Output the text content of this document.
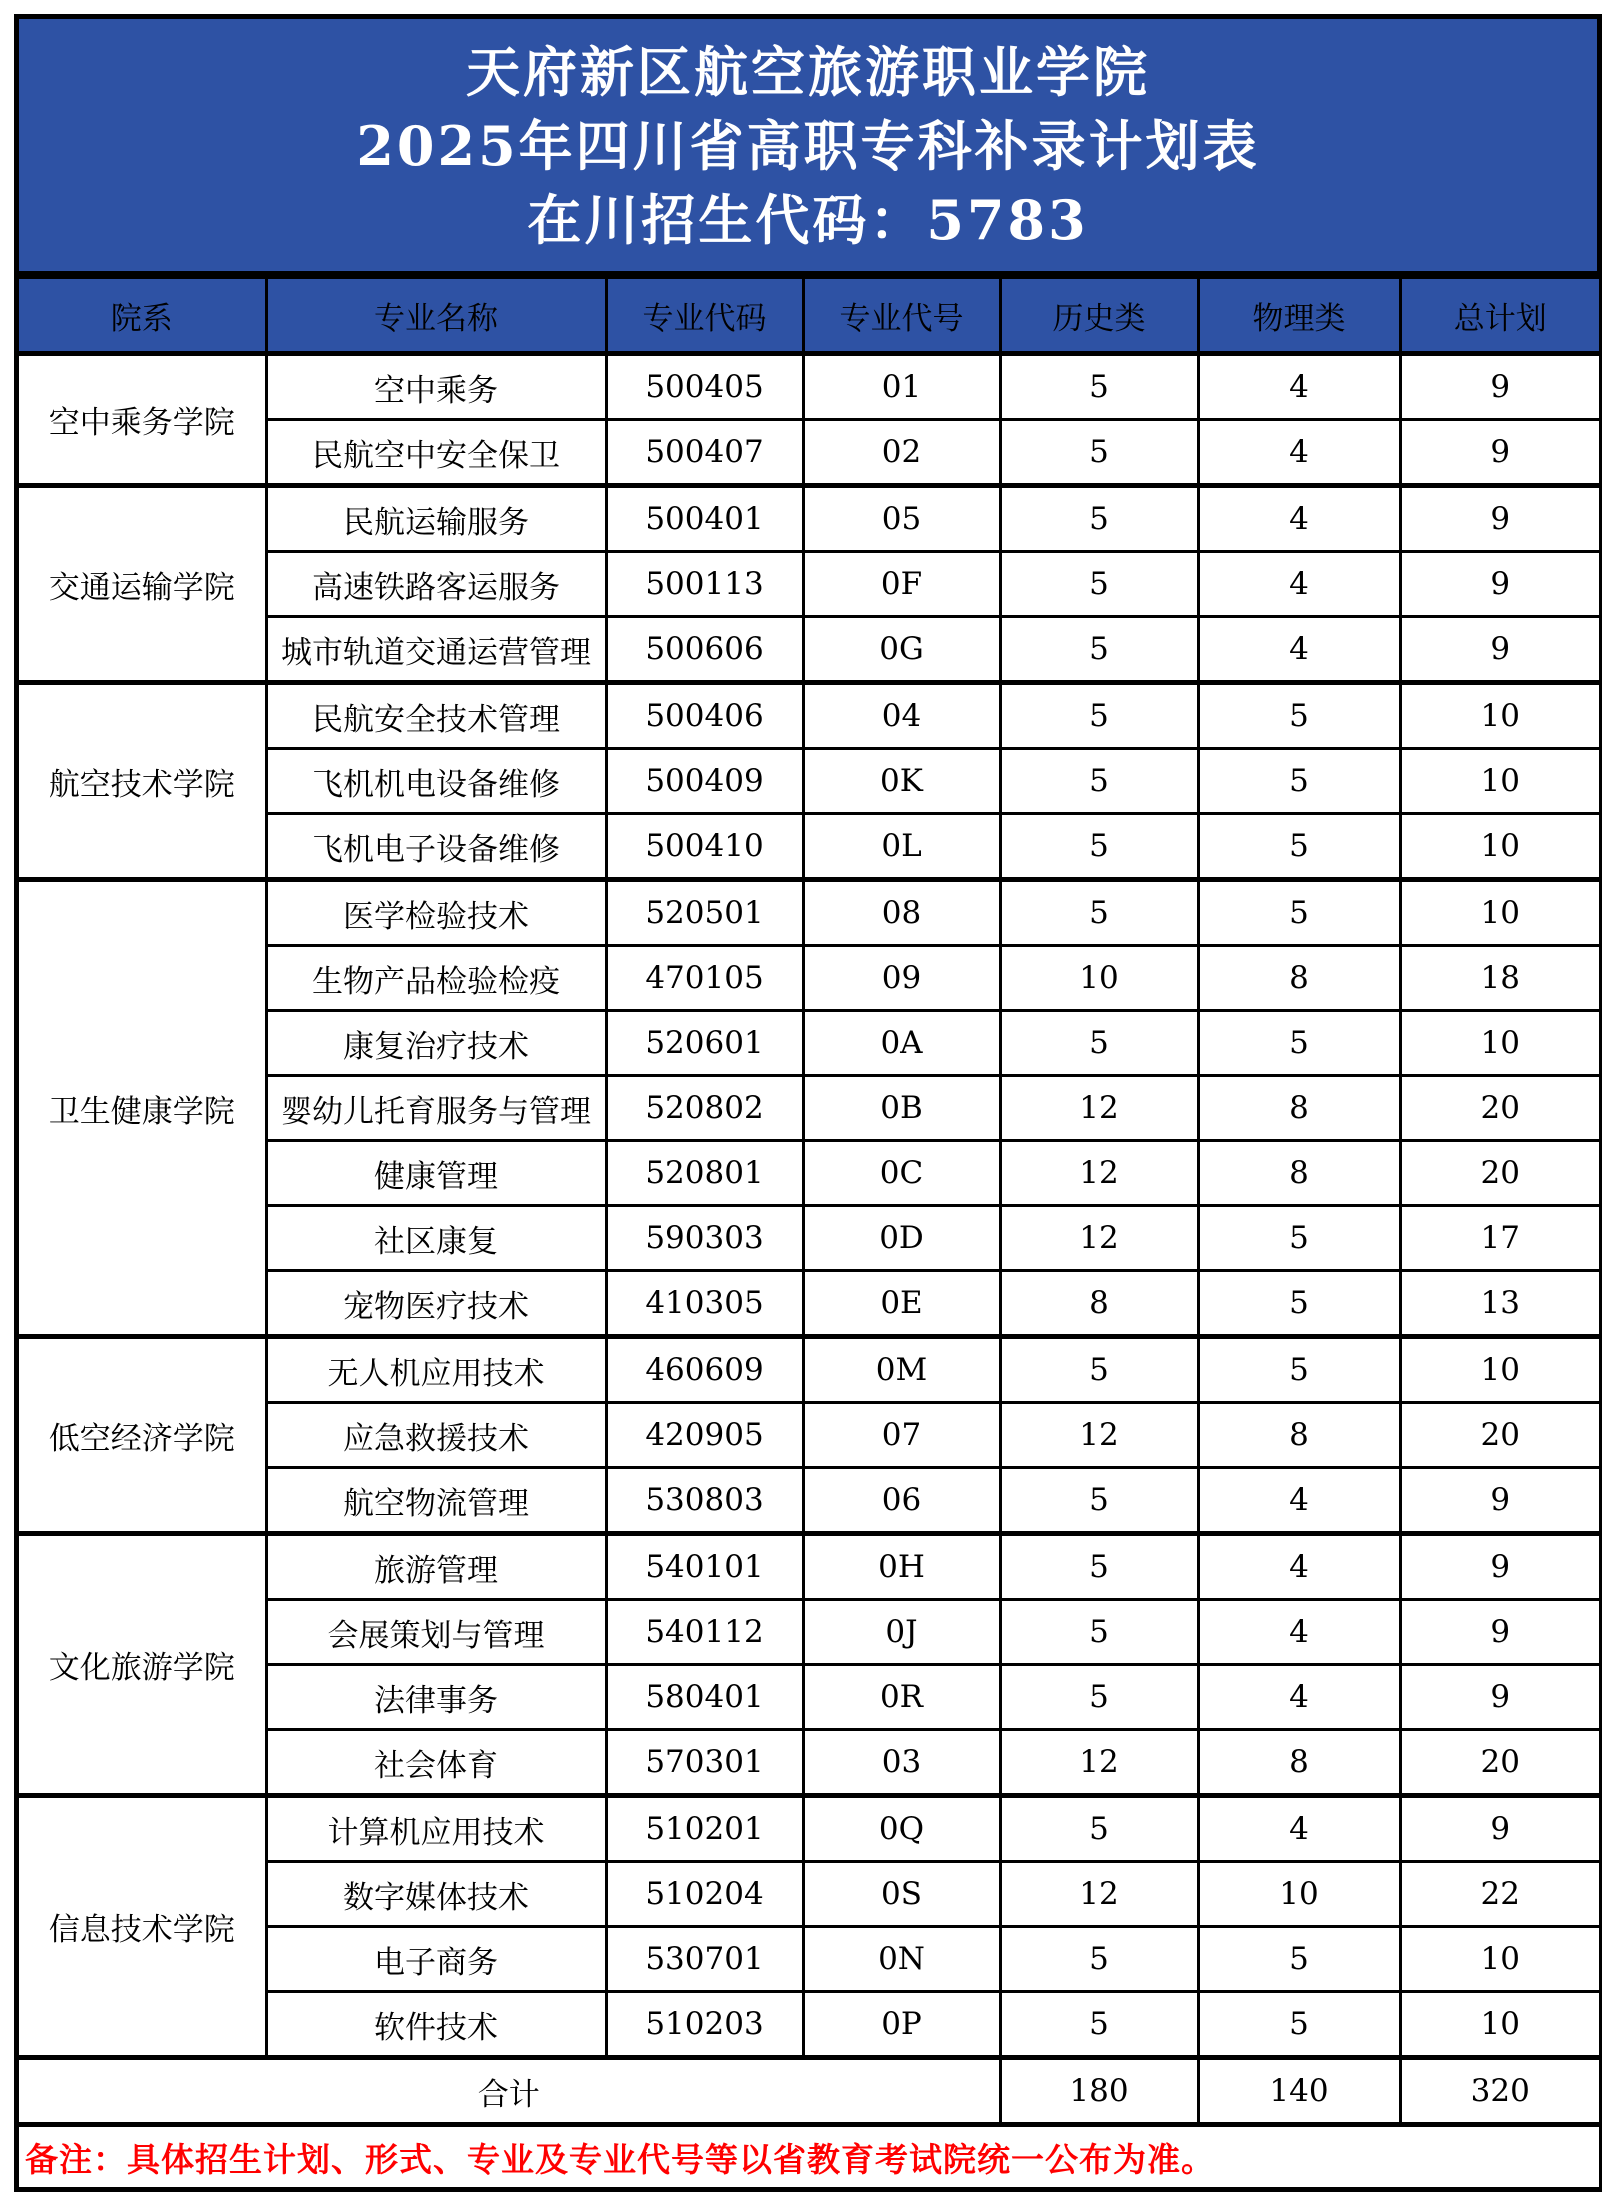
天府新区航空旅游职业学院
2025年四川省高职专科补录计划表
在川招生代码：5783
院系	专业名称	专业代码	专业代号	历史类	物理类	总计划
空中乘务学院	空中乘务	500405	01	5	4	9
	民航空中安全保卫	500407	02	5	4	9
交通运输学院	民航运输服务	500401	05	5	4	9
	高速铁路客运服务	500113	0F	5	4	9
	城市轨道交通运营管理	500606	0G	5	4	9
航空技术学院	民航安全技术管理	500406	04	5	5	10
	飞机机电设备维修	500409	0K	5	5	10
	飞机电子设备维修	500410	0L	5	5	10
卫生健康学院	医学检验技术	520501	08	5	5	10
	生物产品检验检疫	470105	09	10	8	18
	康复治疗技术	520601	0A	5	5	10
	婴幼儿托育服务与管理	520802	0B	12	8	20
	健康管理	520801	0C	12	8	20
	社区康复	590303	0D	12	5	17
	宠物医疗技术	410305	0E	8	5	13
低空经济学院	无人机应用技术	460609	0M	5	5	10
	应急救援技术	420905	07	12	8	20
	航空物流管理	530803	06	5	4	9
文化旅游学院	旅游管理	540101	0H	5	4	9
	会展策划与管理	540112	0J	5	4	9
	法律事务	580401	0R	5	4	9
	社会体育	570301	03	12	8	20
信息技术学院	计算机应用技术	510201	0Q	5	4	9
	数字媒体技术	510204	0S	12	10	22
	电子商务	530701	0N	5	5	10
	软件技术	510203	0P	5	5	10
合计				180	140	320
备注：具体招生计划、形式、专业及专业代号等以省教育考试院统一公布为准。						
